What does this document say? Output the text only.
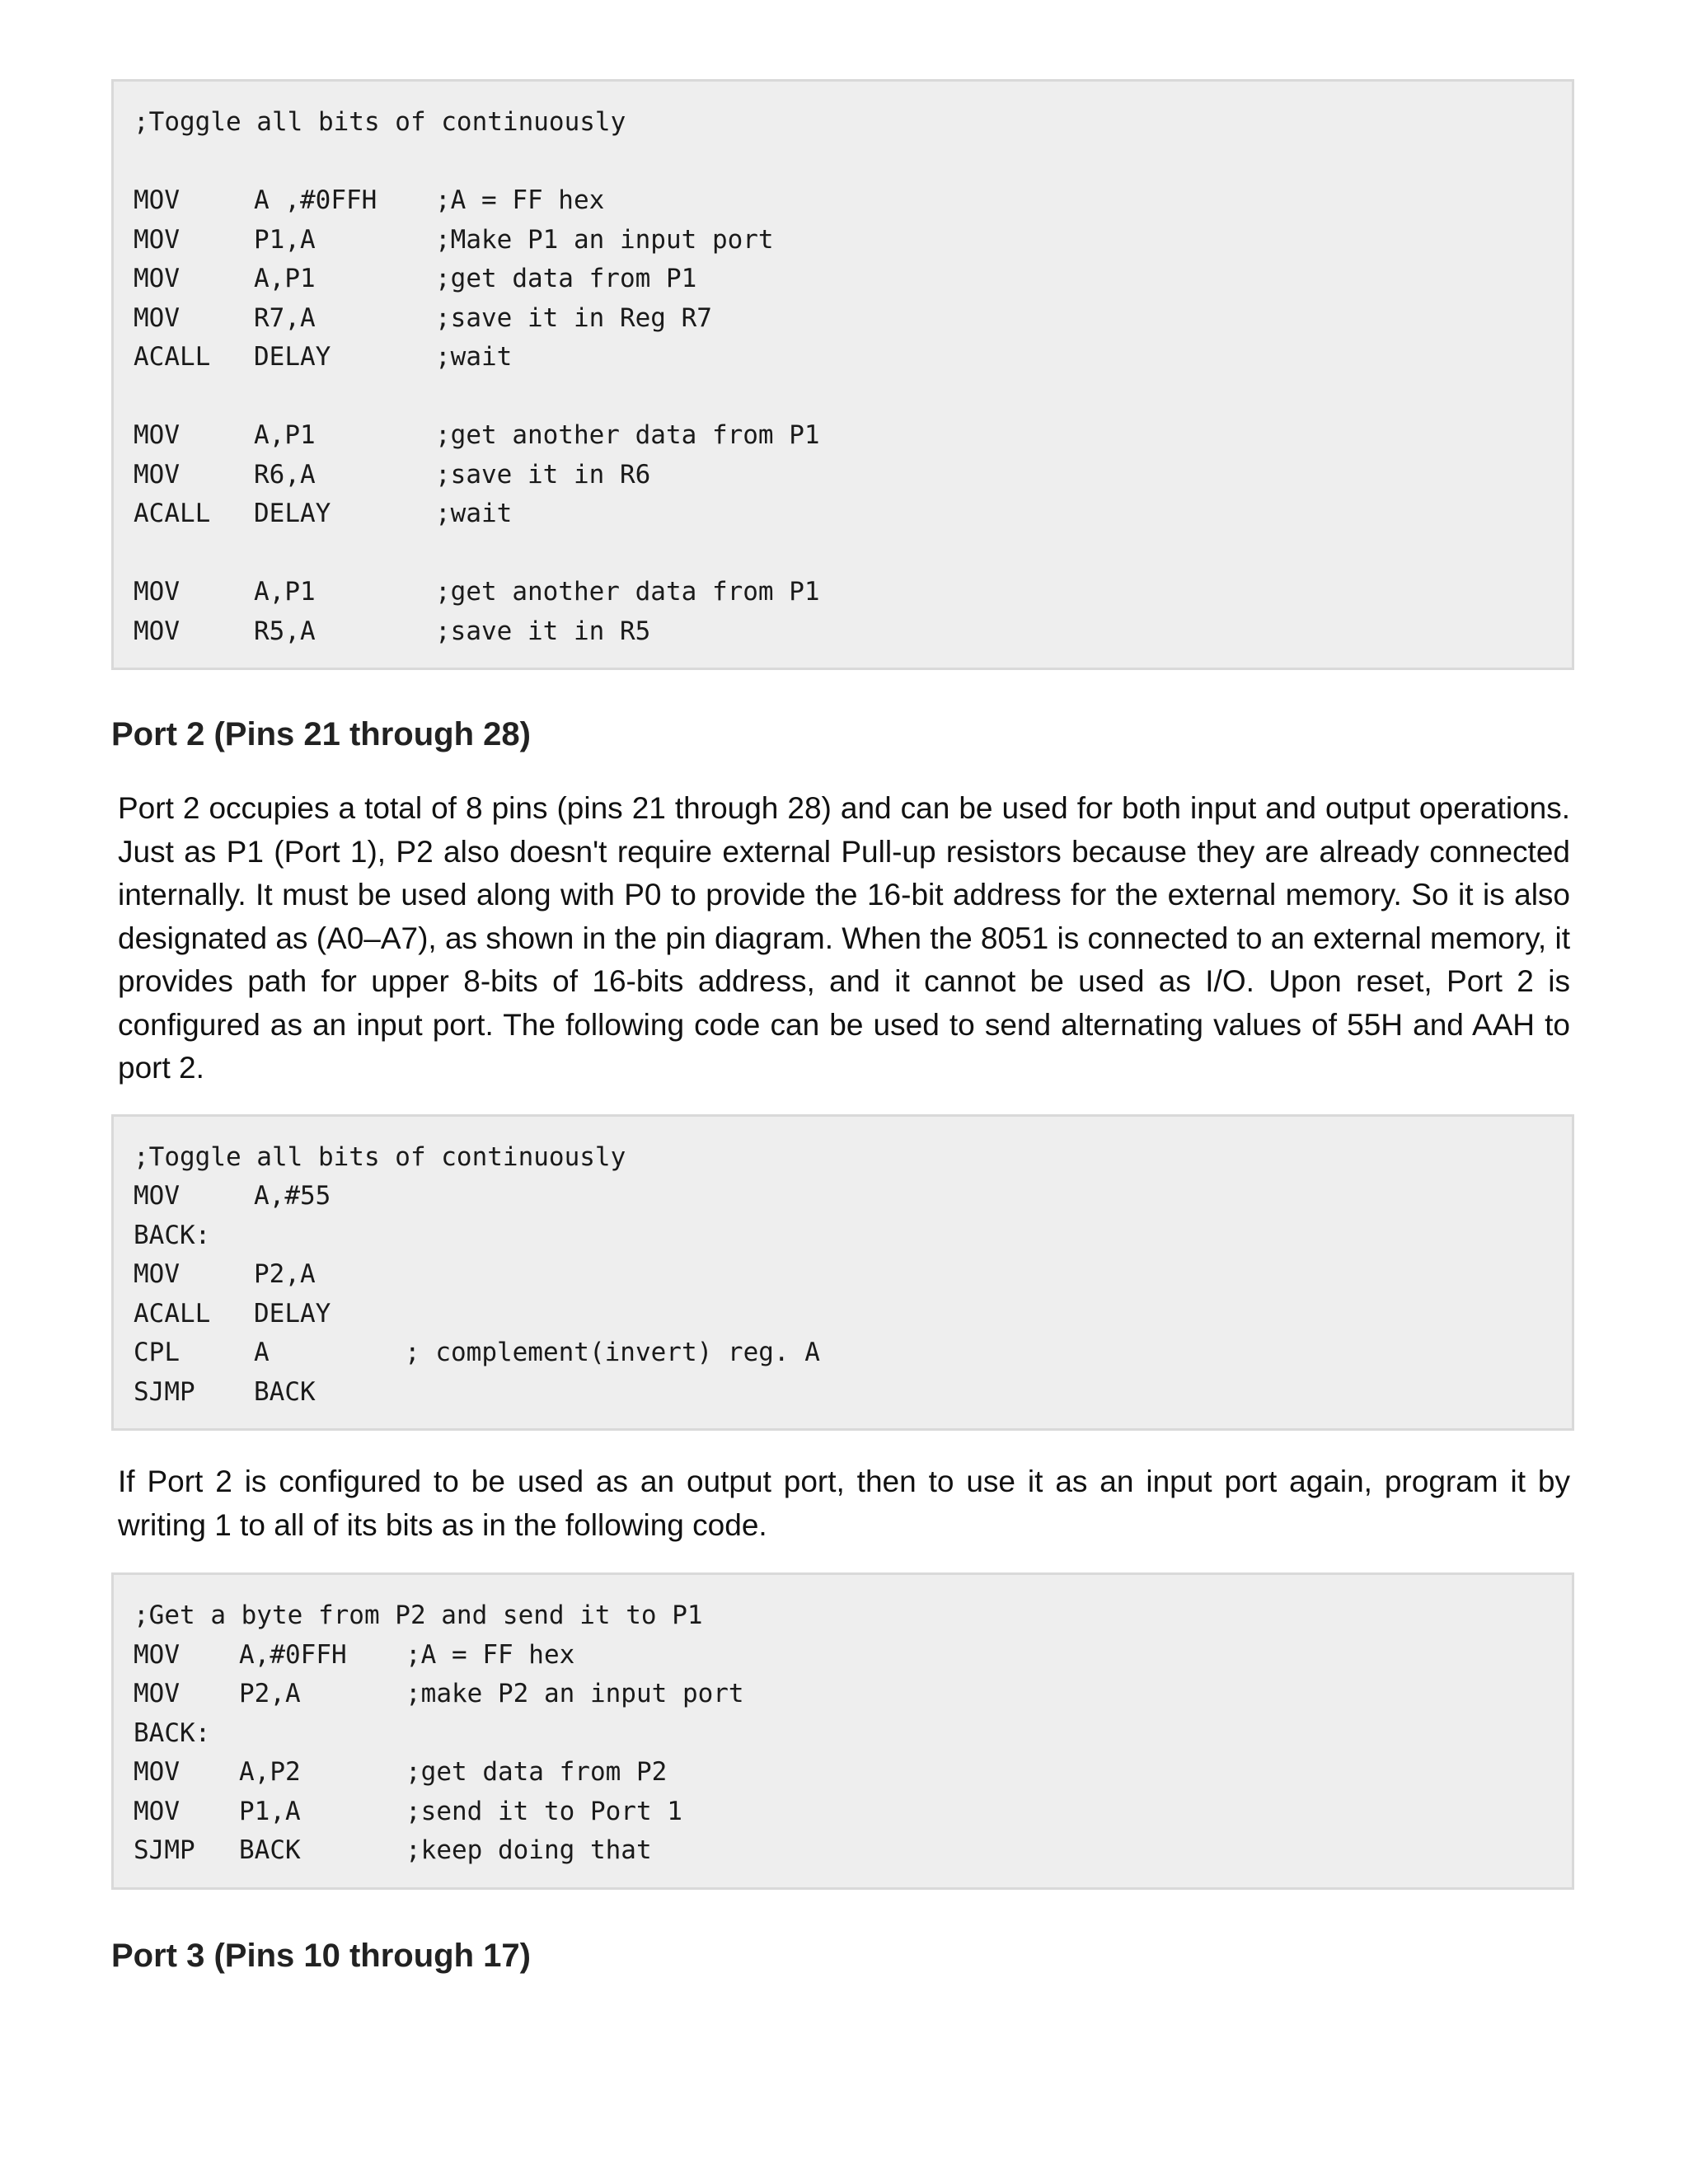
;Toggle all bits of continuously
MOV	A ,#0FFH ;A = FF hex
MOV	P1,A	;Make P1 an input port
MOV	A,P1	;get data from P1
MOV	R7,A	;save it in Reg R7
ACALL DELAY	;wait
MOV	A,P1	;get another data from P1
MOV	R6,A	;save it in R6
ACALL DELAY	;wait
MOV	A,P1	;get another data from P1
MOV	R5,A	;save it in R5
Port 2 (Pins 21 through 28)

Port 2 occupies a total of 8 pins (pins 21 through 28) and can be used for both input and output operations. Just as P1 (Port 1), P2 also doesn't require external Pull-up resistors because they are already connected internally. It must be used along with P0 to provide the 16-bit address for the external memory. So it is also designated as (A0–A7), as shown in the pin diagram. When the 8051 is connected to an external memory, it provides path for upper 8-bits of 16-bits address, and it cannot be used as I/O. Upon reset, Port 2 is configured as an input port. The following code can be used to send alternating values of 55H and AAH to port 2.

;Toggle all bits of continuously
MOV	A,#55
BACK:
MOV	P2,A
ACALL DELAY
CPL	A	; complement(invert) reg. A
SJMP BACK

If Port 2 is configured to be used as an output port, then to use it as an input port again, program it by writing 1 to all of its bits as in the following code.

;Get a byte from P2 and send it to P1
MOV A,#0FFH ;A = FF hex
MOV P2,A	;make P2 an input port
BACK:
MOV A,P2	;get data from P2
MOV P1,A	;send it to Port 1
SJMP BACK	;keep doing that
Port 3 (Pins 10 through 17)
